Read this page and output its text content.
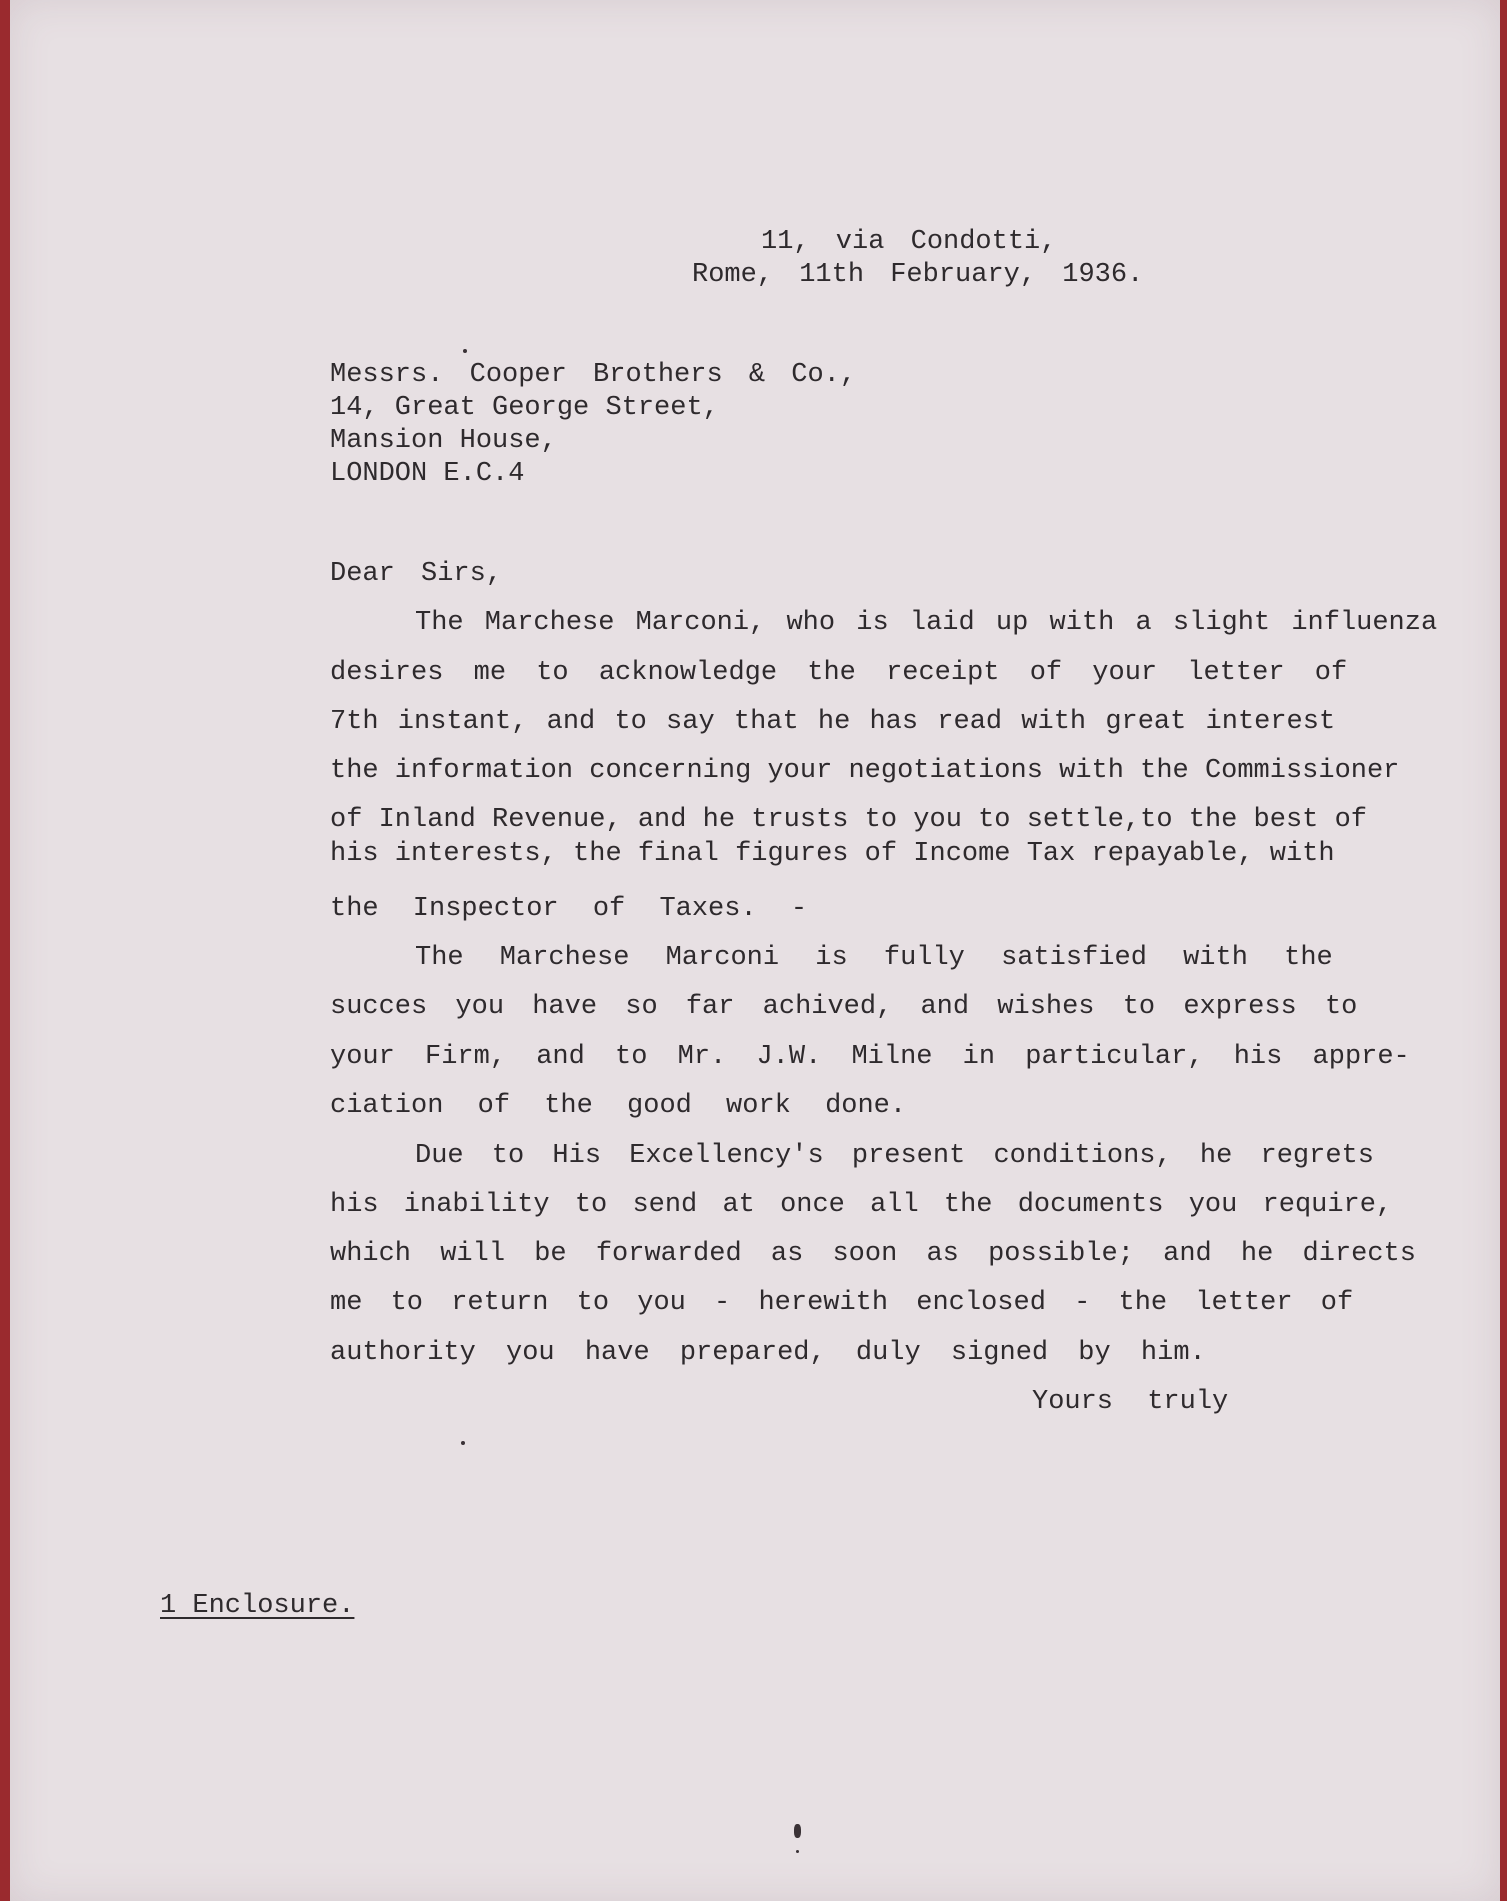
11, via Condotti,

Rome, 11th February, 1936.

Messrs. Cooper Brothers & Co.,

14, Great George Street,

Mansion House,

LONDON E.C.4

Dear Sirs,

The Marchese Marconi, who is laid up with a slight influenza

desires me to acknowledge the receipt of your letter of

7th instant, and to say that he has read with great interest

the information concerning your negotiations with the Commissioner

of Inland Revenue, and he trusts to you to settle,to the best of

his interests, the final figures of Income Tax repayable, with

the Inspector of Taxes. -

The Marchese Marconi is fully satisfied with the

succes you have so far achived, and wishes to express to

your Firm, and to Mr. J.W. Milne in particular, his appre-

ciation of the good work done.

Due to His Excellency's present conditions, he regrets

his inability to send at once all the documents you require,

which will be forwarded as soon as possible; and he directs

me to return to you - herewith enclosed - the letter of

authority you have prepared, duly signed by him.

Yours truly

1 Enclosure.
